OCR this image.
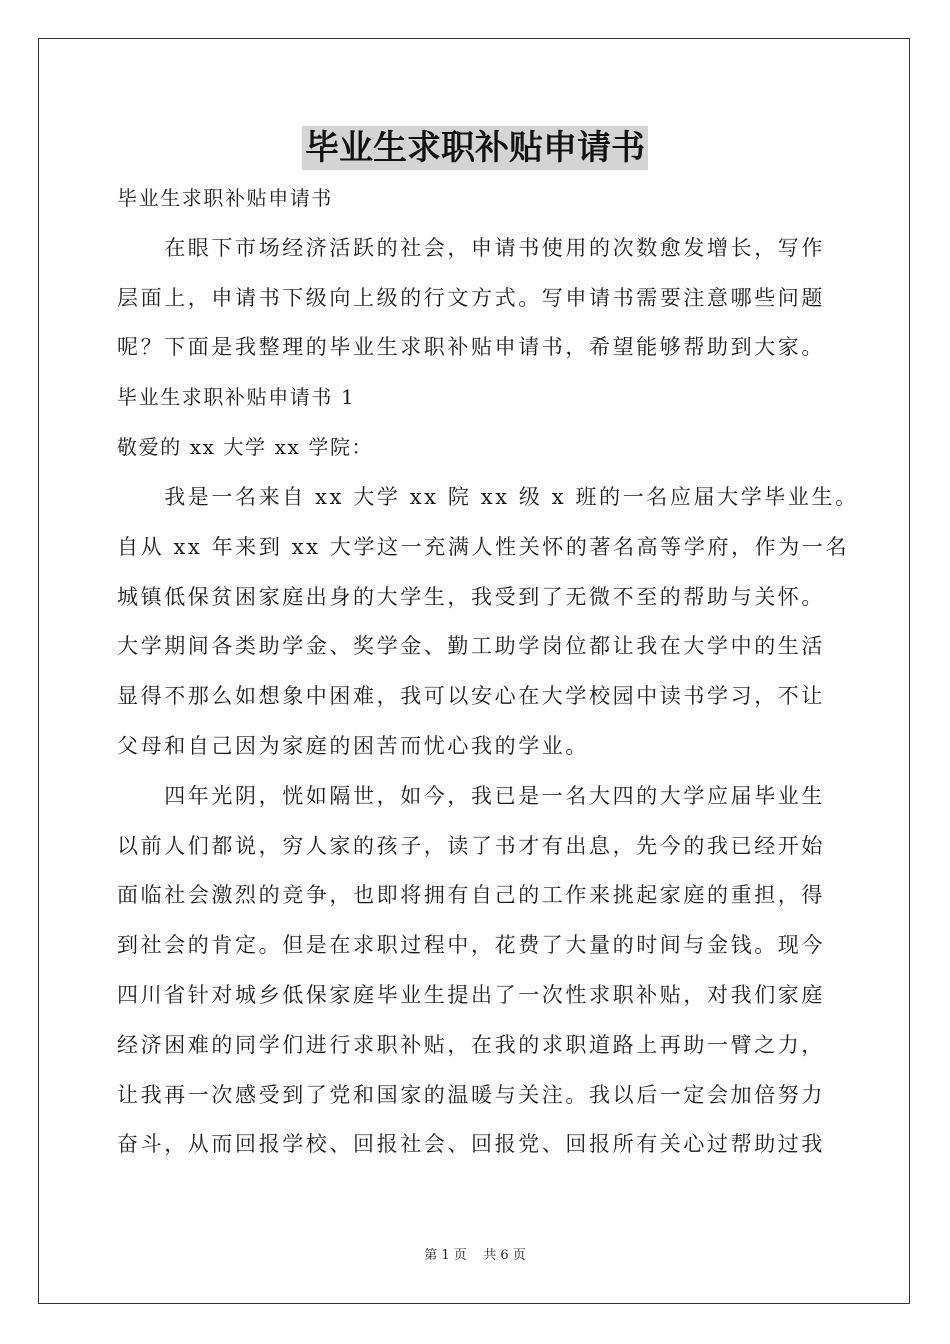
毕业生求职补贴申请书
毕业生求职补贴申请书
　　在眼下市场经济活跃的社会，申请书使用的次数愈发增长，写作
层面上，申请书下级向上级的行文方式。写申请书需要注意哪些问题
呢？下面是我整理的毕业生求职补贴申请书，希望能够帮助到大家。
毕业生求职补贴申请书 1
敬爱的 xx 大学 xx 学院：
　　我是一名来自 xx 大学 xx 院 xx 级 x 班的一名应届大学毕业生。
自从 xx 年来到 xx 大学这一充满人性关怀的著名高等学府，作为一名
城镇低保贫困家庭出身的大学生，我受到了无微不至的帮助与关怀。
大学期间各类助学金、奖学金、勤工助学岗位都让我在大学中的生活
显得不那么如想象中困难，我可以安心在大学校园中读书学习，不让
父母和自己因为家庭的困苦而忧心我的学业。
　　四年光阴，恍如隔世，如今，我已是一名大四的大学应届毕业生
以前人们都说，穷人家的孩子，读了书才有出息，先今的我已经开始
面临社会激烈的竞争，也即将拥有自己的工作来挑起家庭的重担，得
到社会的肯定。但是在求职过程中，花费了大量的时间与金钱。现今
四川省针对城乡低保家庭毕业生提出了一次性求职补贴，对我们家庭
经济困难的同学们进行求职补贴，在我的求职道路上再助一臂之力，
让我再一次感受到了党和国家的温暖与关注。我以后一定会加倍努力
奋斗，从而回报学校、回报社会、回报党、回报所有关心过帮助过我
第 1 页    共 6 页
